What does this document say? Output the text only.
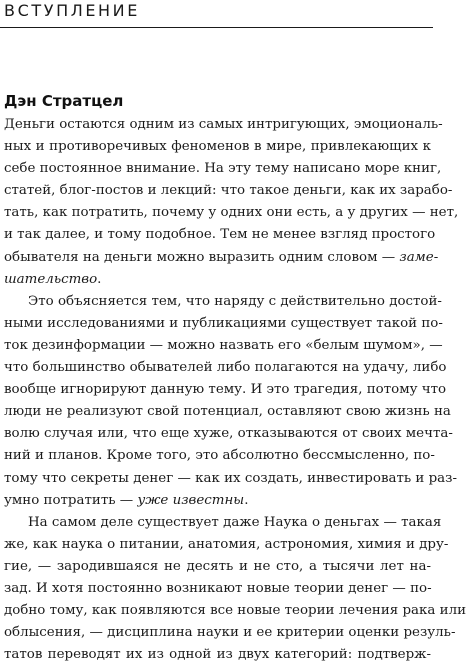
ВСТУПЛЕНИЕ
Дэн Стратцел

Деньги остаются одним из самых интригующих, эмоциональ-
ных и противоречивых феноменов в мире, привлекающих к
себе постоянное внимание. На эту тему написано море книг,
статей, блог-постов и лекций: что такое деньги, как их зарабо-
тать, как потратить, почему у одних они есть, а у других — нет,
и так далее, и тому подобное. Тем не менее взгляд простого
обывателя на деньги можно выразить одним словом — заме-
шательство.

Это объясняется тем, что наряду с действительно достой-
ными исследованиями и публикациями существует такой по-
ток дезинформации — можно назвать его «белым шумом», —
что большинство обывателей либо полагаются на удачу, либо
вообще игнорируют данную тему. И это трагедия, потому что
люди не реализуют свой потенциал, оставляют свою жизнь на
волю случая или, что еще хуже, отказываются от своих мечта-
ний и планов. Кроме того, это абсолютно бессмысленно, по-
тому что секреты денег — как их создать, инвестировать и раз-
умно потратить — уже известны.

На самом деле существует даже Наука о деньгах — такая
же, как наука о питании, анатомия, астрономия, химия и дру-
гие, — зародившаяся не десять и не сто, а тысячи лет на-
зад. И хотя постоянно возникают новые теории денег — по-
добно тому, как появляются все новые теории лечения рака или
облысения, — дисциплина науки и ее критерии оценки резуль-
татов переводят их из одной из двух категорий: подтверж-
